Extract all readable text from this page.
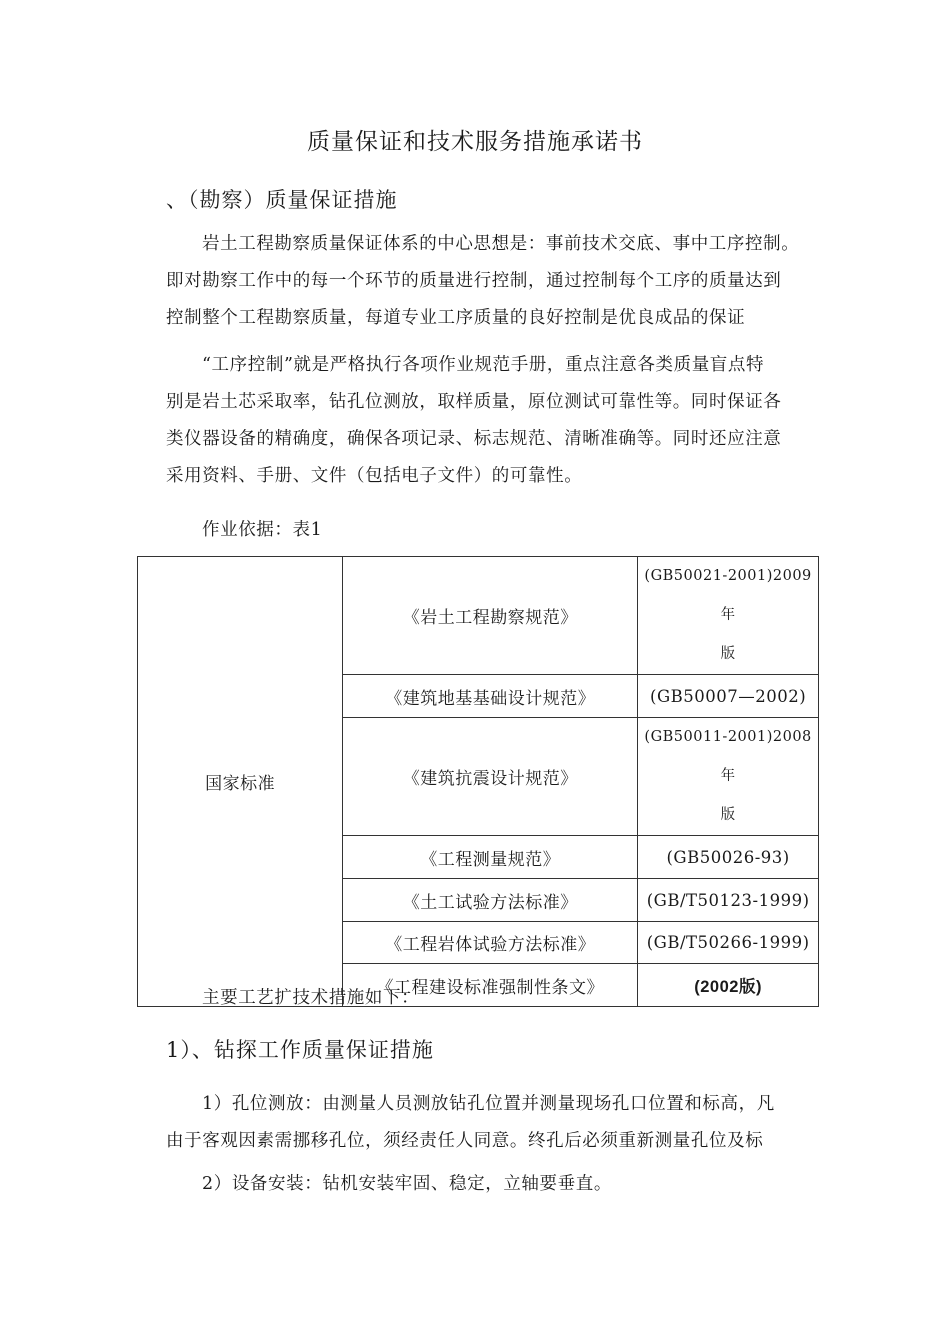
质量保证和技术服务措施承诺书
、（勘察）质量保证措施
岩土工程勘察质量保证体系的中心思想是：事前技术交底、事中工序控制。
即对勘察工作中的每一个环节的质量进行控制，通过控制每个工序的质量达到
控制整个工程勘察质量，每道专业工序质量的良好控制是优良成品的保证
“工序控制”就是严格执行各项作业规范手册，重点注意各类质量盲点特
别是岩土芯采取率，钻孔位测放，取样质量，原位测试可靠性等。同时保证各
类仪器设备的精确度，确保各项记录、标志规范、清晰准确等。同时还应注意
采用资料、手册、文件（包括电子文件）的可靠性。
作业依据：表1
国家标准	《岩土工程勘察规范》	(GB50021-2001)2009年
版
	《建筑地基基础设计规范》	(GB50007—2002)
	《建筑抗震设计规范》	(GB50011-2001)2008年
版
	《工程测量规范》	(GB50026-93)
	《土工试验方法标准》	(GB/T50123-1999)
	《工程岩体试验方法标准》	(GB/T50266-1999)
	《工程建设标准强制性条文》	(2002版)
主要工艺扩技术措施如下：
1）、钻探工作质量保证措施
1）孔位测放：由测量人员测放钻孔位置并测量现场孔口位置和标高，凡
由于客观因素需挪移孔位，须经责任人同意。终孔后必须重新测量孔位及标
2）设备安装：钻机安装牢固、稳定，立轴要垂直。
